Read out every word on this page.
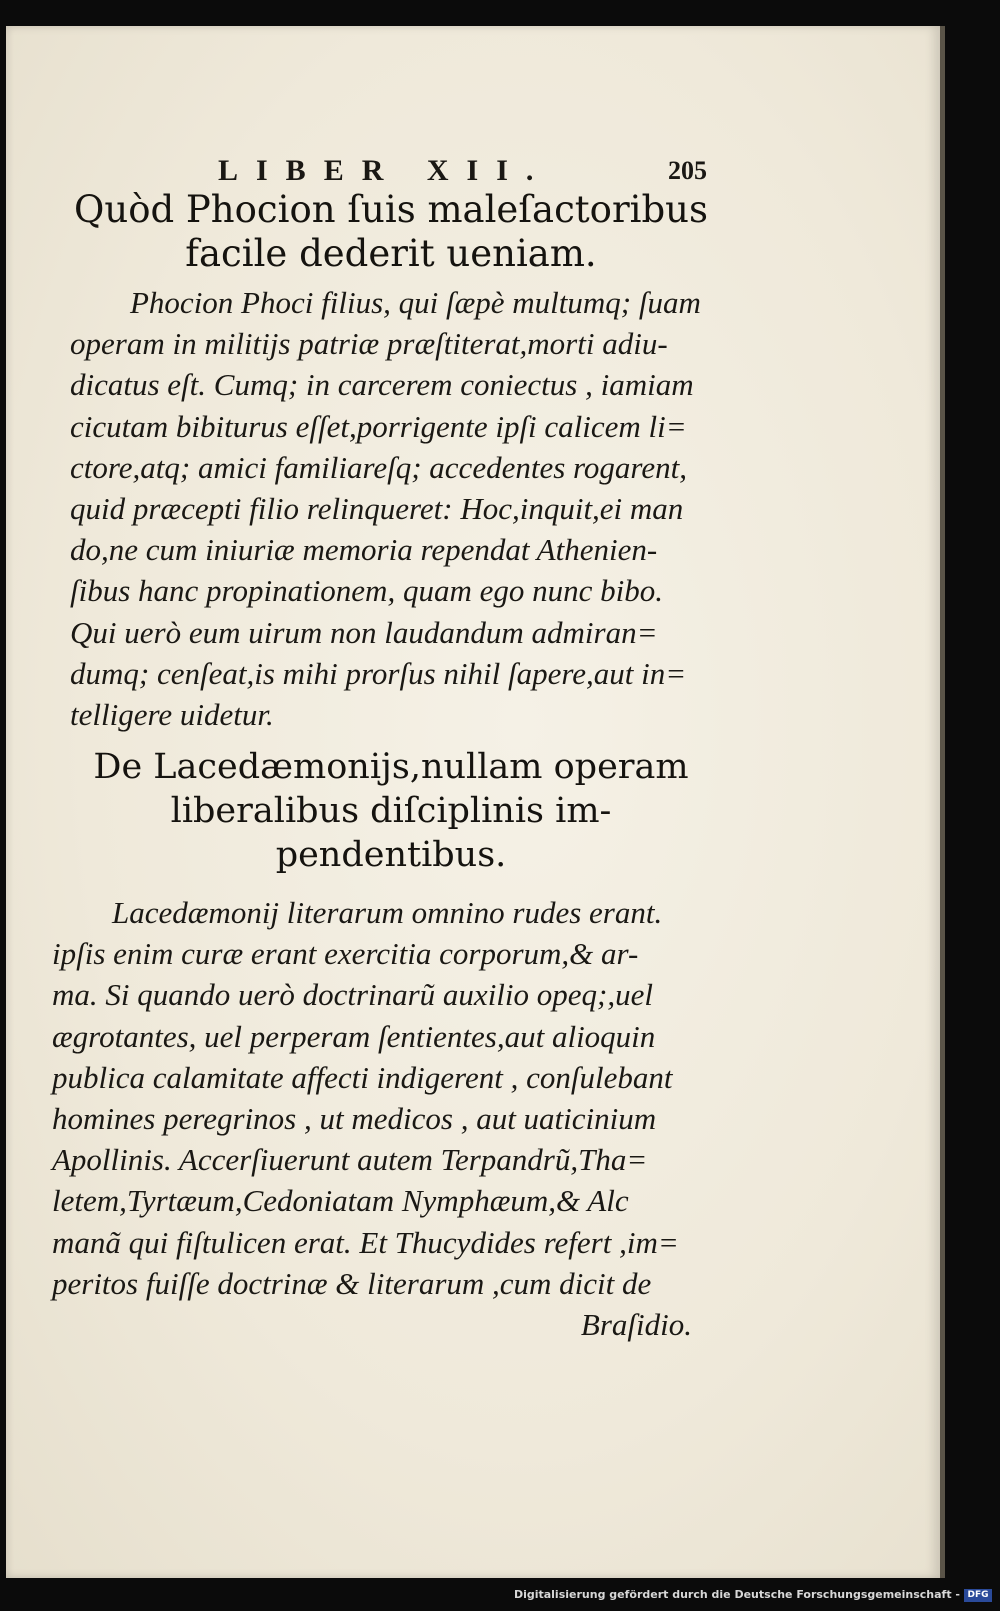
LIBER XII.	205
Quòd Phocion ſuis maleſactoribus
facile dederit ueniam.
Phocion Phoci filius, qui ſæpè multumq; ſuam
operam in militijs patriæ præſtiterat,morti adiu-
dicatus eſt. Cumq; in carcerem coniectus , iamiam
cicutam bibiturus eſſet,porrigente ipſi calicem li=
ctore,atq; amici familiareſq; accedentes rogarent,
quid præcepti filio relinqueret: Hoc,inquit,ei man
do,ne cum iniuriæ memoria rependat Athenien-
ſibus hanc propinationem, quam ego nunc bibo.
Qui uerò eum uirum non laudandum admiran=
dumq; cenſeat,is mihi prorſus nihil ſapere,aut in=
telligere uidetur.
De Lacedæmonijs,nullam operam
liberalibus diſciplinis im-
pendentibus.
Lacedæmonij literarum omnino rudes erant.
ipſis enim curæ erant exercitia corporum,& ar-
ma. Si quando uerò doctrinarũ auxilio opeq;,uel
ægrotantes, uel perperam ſentientes,aut alioquin
publica calamitate affecti indigerent , conſulebant
homines peregrinos , ut medicos , aut uaticinium
Apollinis. Accerſiuerunt autem Terpandrũ,Tha=
letem,Tyrtæum,Cedoniatam Nymphæum,& Alc
manã qui fiſtulicen erat. Et Thucydides refert ,im=
peritos fuiſſe doctrinæ & literarum ,cum dicit de
Braſidio.
Digitalisierung gefördert durch die Deutsche Forschungsgemeinschaft - DFG
